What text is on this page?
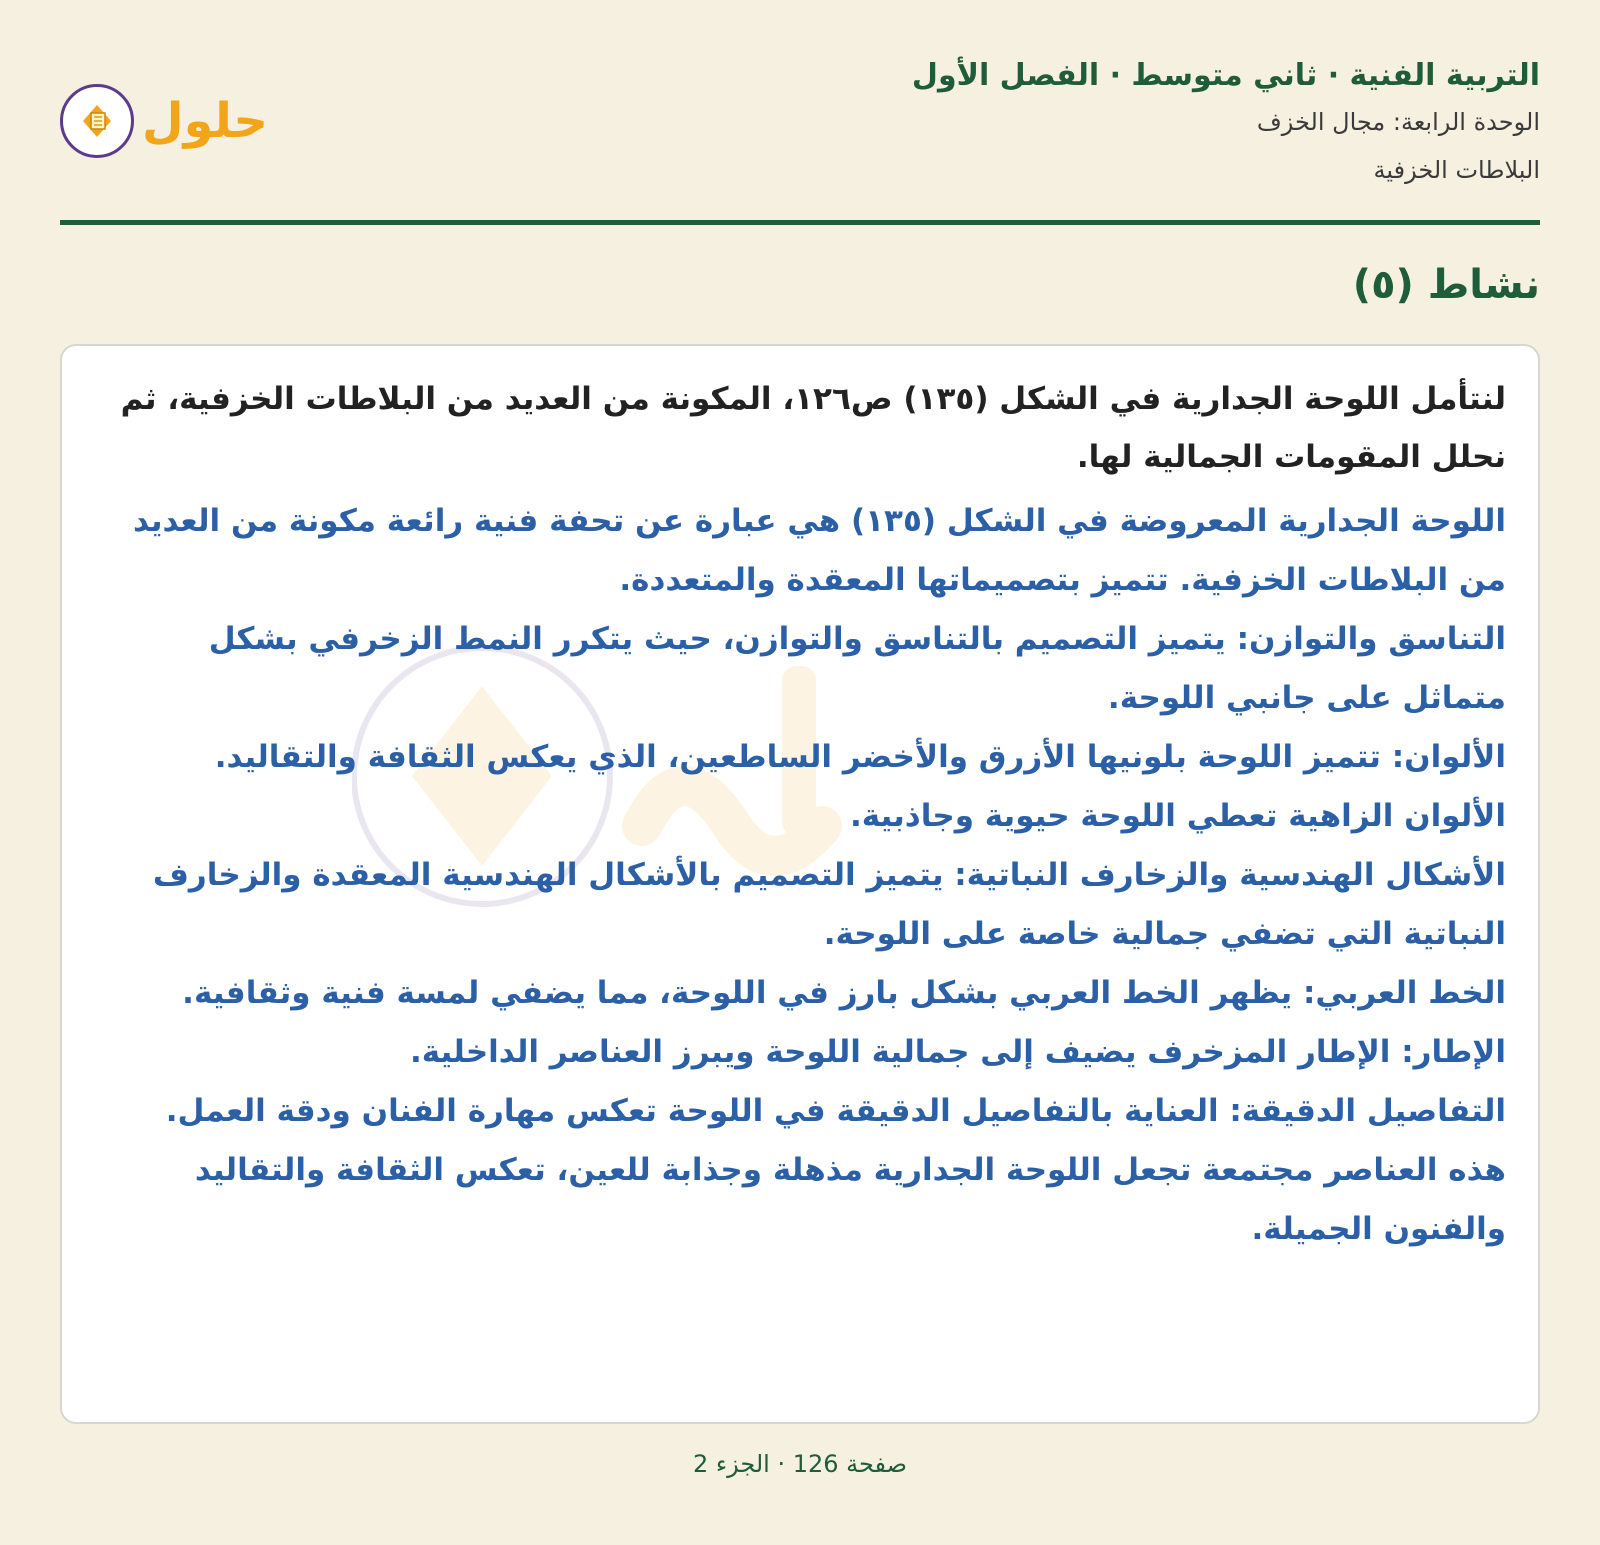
حلول
التربية الفنية · ثاني متوسط · الفصل الأول
الوحدة الرابعة: مجال الخزف
البلاطات الخزفية
نشاط (٥)
لنتأمل اللوحة الجدارية في الشكل (١٣٥) ص١٢٦، المكونة من العديد من البلاطات الخزفية، ثم نحلل المقومات الجمالية لها.

اللوحة الجدارية المعروضة في الشكل (١٣٥) هي عبارة عن تحفة فنية رائعة مكونة من العديد من البلاطات الخزفية. تتميز بتصميماتها المعقدة والمتعددة.

التناسق والتوازن: يتميز التصميم بالتناسق والتوازن، حيث يتكرر النمط الزخرفي بشكل متماثل على جانبي اللوحة.

الألوان: تتميز اللوحة بلونيها الأزرق والأخضر الساطعين، الذي يعكس الثقافة والتقاليد. الألوان الزاهية تعطي اللوحة حيوية وجاذبية.

الأشكال الهندسية والزخارف النباتية: يتميز التصميم بالأشكال الهندسية المعقدة والزخارف النباتية التي تضفي جمالية خاصة على اللوحة.

الخط العربي: يظهر الخط العربي بشكل بارز في اللوحة، مما يضفي لمسة فنية وثقافية.

الإطار: الإطار المزخرف يضيف إلى جمالية اللوحة ويبرز العناصر الداخلية.

التفاصيل الدقيقة: العناية بالتفاصيل الدقيقة في اللوحة تعكس مهارة الفنان ودقة العمل.

هذه العناصر مجتمعة تجعل اللوحة الجدارية مذهلة وجذابة للعين، تعكس الثقافة والتقاليد والفنون الجميلة.

صفحة 126 · الجزء 2
